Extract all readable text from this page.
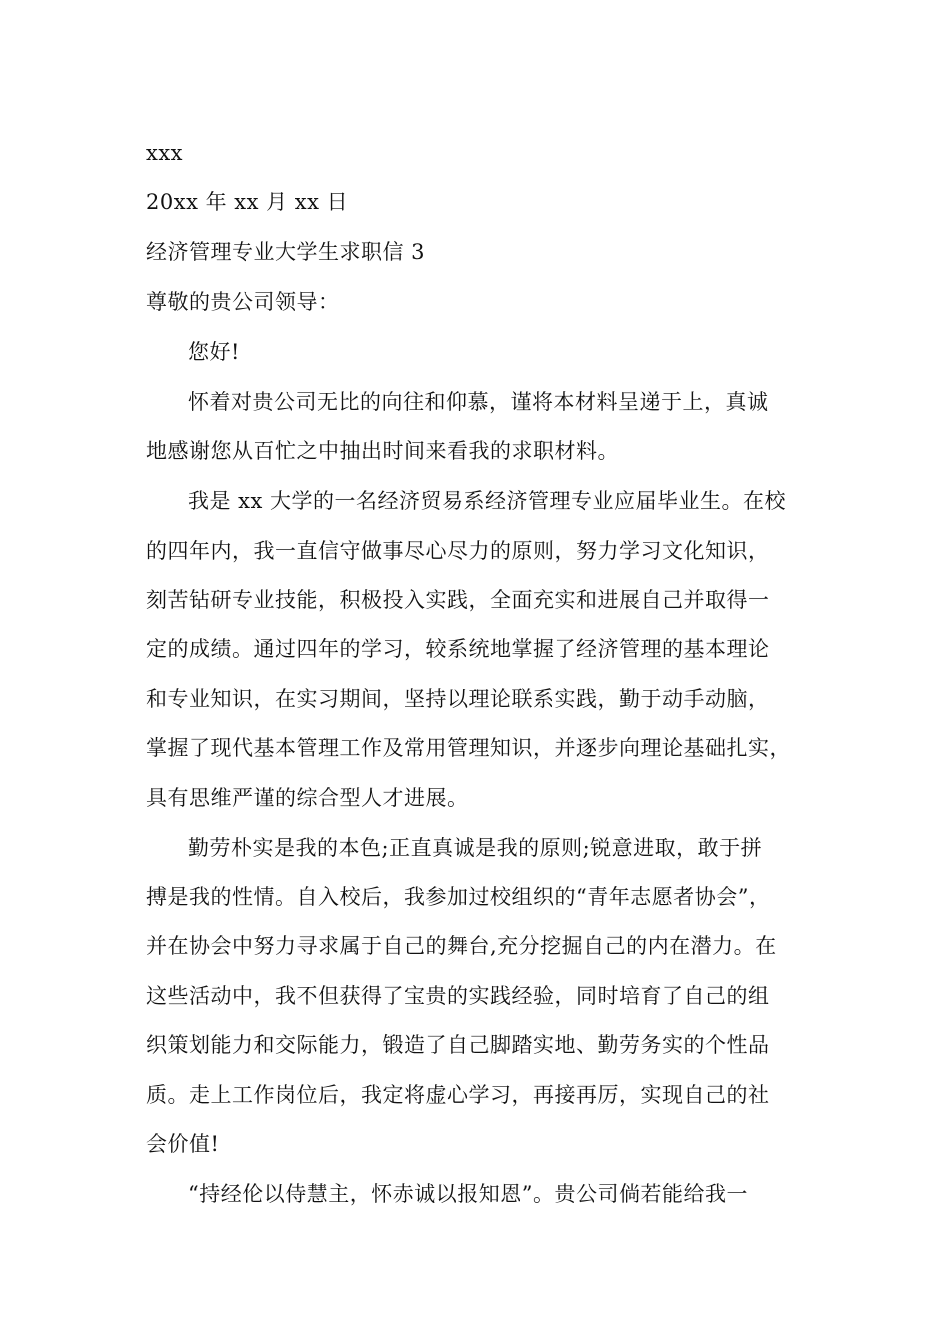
xxx
20xx 年 xx 月 xx 日
经济管理专业大学生求职信 3
尊敬的贵公司领导：
您好!
怀着对贵公司无比的向往和仰慕，谨将本材料呈递于上，真诚
地感谢您从百忙之中抽出时间来看我的求职材料。
我是 xx 大学的一名经济贸易系经济管理专业应届毕业生。在校
的四年内，我一直信守做事尽心尽力的原则，努力学习文化知识，
刻苦钻研专业技能，积极投入实践，全面充实和进展自己并取得一
定的成绩。通过四年的学习，较系统地掌握了经济管理的基本理论
和专业知识，在实习期间，坚持以理论联系实践，勤于动手动脑，
掌握了现代基本管理工作及常用管理知识，并逐步向理论基础扎实，
具有思维严谨的综合型人才进展。
勤劳朴实是我的本色;正直真诚是我的原则;锐意进取，敢于拼
搏是我的性情。自入校后，我参加过校组织的“青年志愿者协会”，
并在协会中努力寻求属于自己的舞台,充分挖掘自己的内在潜力。在
这些活动中，我不但获得了宝贵的实践经验，同时培育了自己的组
织策划能力和交际能力，锻造了自己脚踏实地、勤劳务实的个性品
质。走上工作岗位后，我定将虚心学习，再接再厉，实现自己的社
会价值!
“持经伦以侍慧主，怀赤诚以报知恩”。贵公司倘若能给我一
